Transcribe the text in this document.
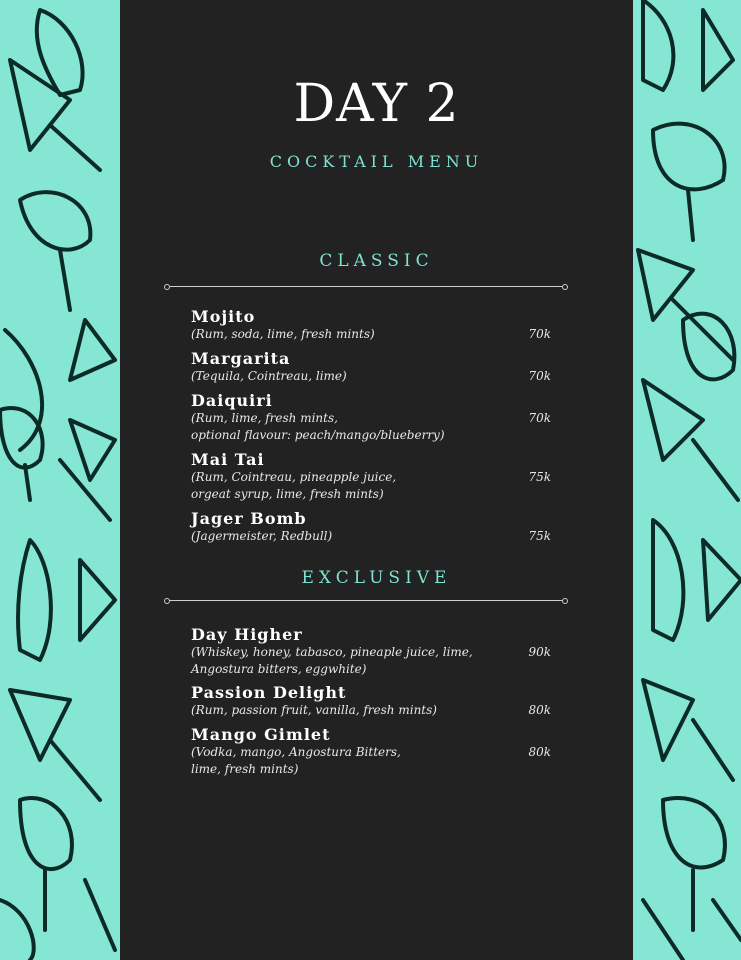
DAY 2
COCKTAIL MENU
CLASSIC
Mojito
(Rum, soda, lime, fresh mints)	70k
Margarita
(Tequila, Cointreau, lime)	70k
Daiquiri
(Rum, lime, fresh mints,
optional flavour: peach/mango/blueberry)
70k
Mai Tai
(Rum, Cointreau, pineapple juice,
orgeat syrup, lime, fresh mints)
75k
Jager Bomb
(Jagermeister, Redbull)	75k
EXCLUSIVE
Day Higher
(Whiskey, honey, tabasco, pineaple juice, lime,
Angostura bitters, eggwhite)
90k
Passion Delight
(Rum, passion fruit, vanilla, fresh mints)	80k
Mango Gimlet
(Vodka, mango, Angostura Bitters,
lime, fresh mints)
80k
